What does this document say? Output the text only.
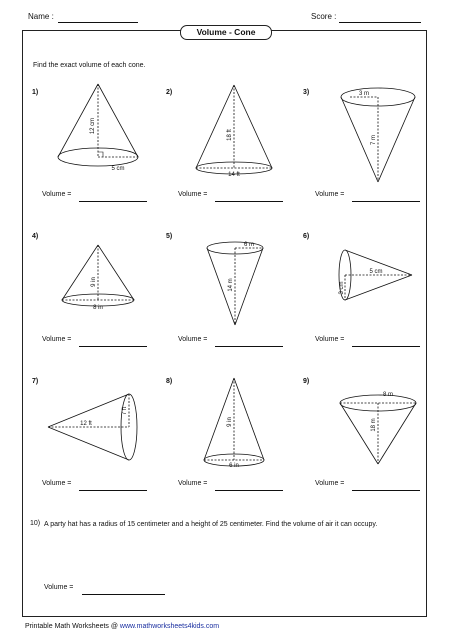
Name :	Score :
Volume - Cone
Find the exact volume of each cone.
1)	2)	3)
4)	5)	6)
7)	8)	9)
12 cm
5 cm
18 ft
14 ft
3 m
7 m
9 in
8 in
6 m
14 m
5 cm
3 cm
12 ft
7 ft
9 in
6 in
8 m
18 m
Volume =	Volume =	Volume =
Volume =	Volume =	Volume =
Volume =	Volume =	Volume =
10) A party hat has a radius of 15 centimeter and a height of 25 centimeter. Find the volume of air it can occupy.
Volume =
Printable Math Worksheets @ www.mathworksheets4kids.com
